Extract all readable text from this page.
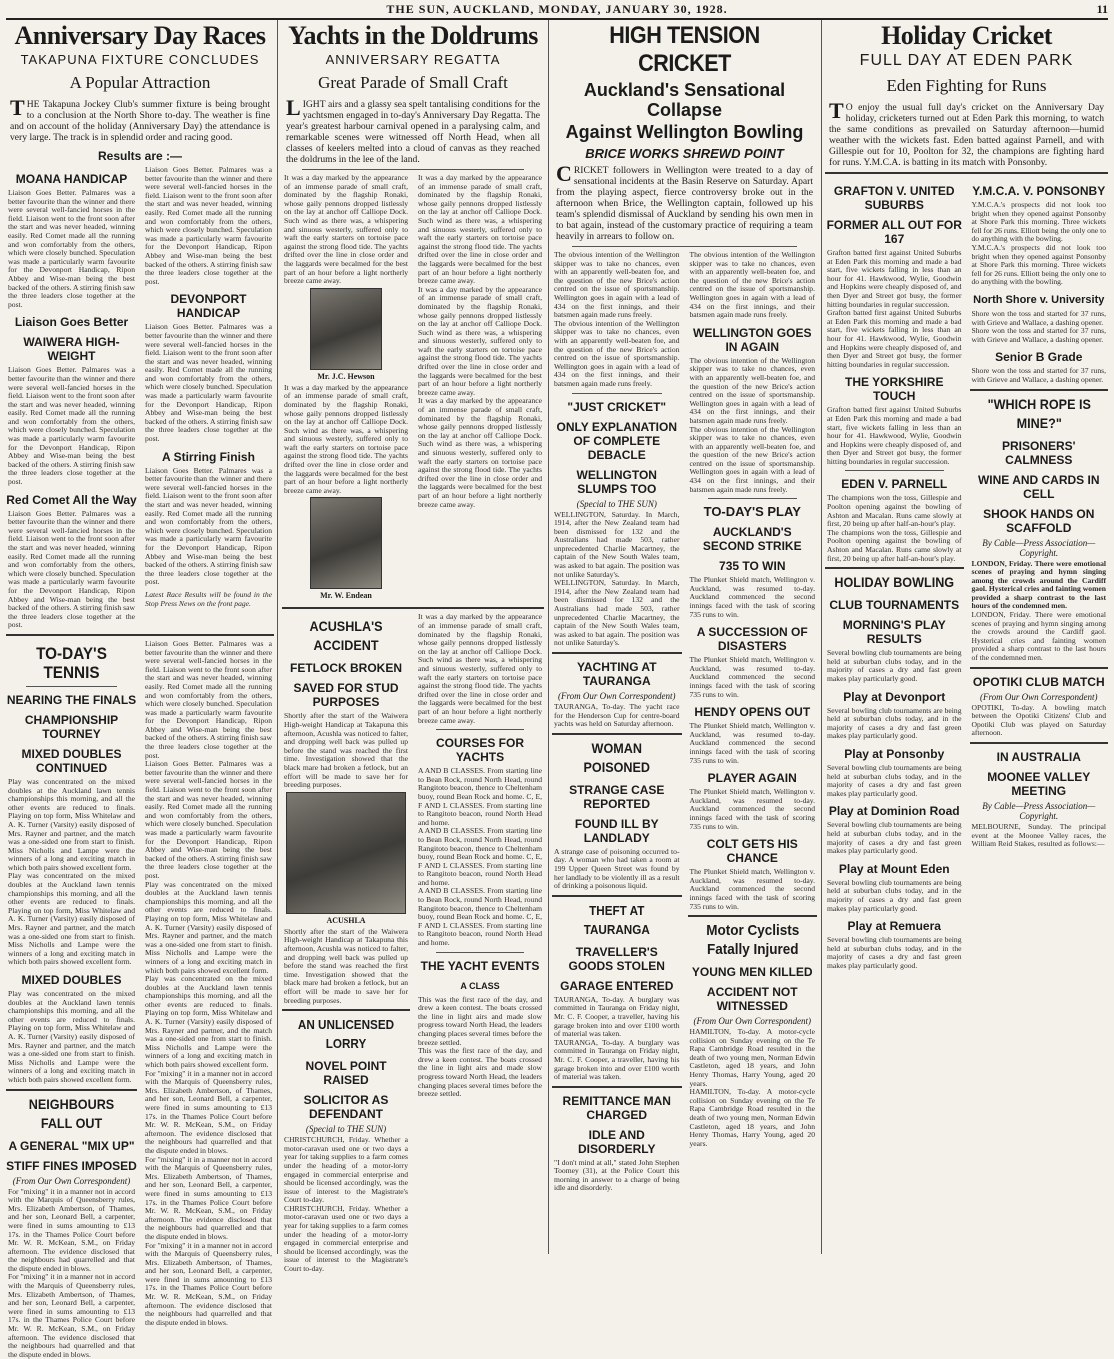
THE SUN, AUCKLAND, MONDAY, JANUARY 30, 1928.	11
Anniversary Day Races
TAKAPUNA FIXTURE CONCLUDES
A Popular Attraction
THE Takapuna Jockey Club's summer fixture is being brought to a conclusion at the North Shore to-day. The weather is fine and on account of the holiday (Anniversary Day) the attendance is very large. The track is in splendid order and racing good.
Results are :—
MOANA HANDICAP
Liaison Goes Better. Palmares was a better favourite than the winner and there were several well-fancied horses in the field. Liaison went to the front soon after the start and was never headed, winning easily. Red Comet made all the running and won comfortably from the others, which were closely bunched. Speculation was made a particularly warm favourite for the Devonport Handicap, Ripon Abbey and Wise-man being the best backed of the others. A stirring finish saw the three leaders close together at the post.
Liaison Goes Better
WAIWERA HIGH-WEIGHT
Liaison Goes Better. Palmares was a better favourite than the winner and there were several well-fancied horses in the field. Liaison went to the front soon after the start and was never headed, winning easily. Red Comet made all the running and won comfortably from the others, which were closely bunched. Speculation was made a particularly warm favourite for the Devonport Handicap, Ripon Abbey and Wise-man being the best backed of the others. A stirring finish saw the three leaders close together at the post.
Red Comet All the Way
Liaison Goes Better. Palmares was a better favourite than the winner and there were several well-fancied horses in the field. Liaison went to the front soon after the start and was never headed, winning easily. Red Comet made all the running and won comfortably from the others, which were closely bunched. Speculation was made a particularly warm favourite for the Devonport Handicap, Ripon Abbey and Wise-man being the best backed of the others. A stirring finish saw the three leaders close together at the post.
Liaison Goes Better. Palmares was a better favourite than the winner and there were several well-fancied horses in the field. Liaison went to the front soon after the start and was never headed, winning easily. Red Comet made all the running and won comfortably from the others, which were closely bunched. Speculation was made a particularly warm favourite for the Devonport Handicap, Ripon Abbey and Wise-man being the best backed of the others. A stirring finish saw the three leaders close together at the post.
DEVONPORT HANDICAP
Liaison Goes Better. Palmares was a better favourite than the winner and there were several well-fancied horses in the field. Liaison went to the front soon after the start and was never headed, winning easily. Red Comet made all the running and won comfortably from the others, which were closely bunched. Speculation was made a particularly warm favourite for the Devonport Handicap, Ripon Abbey and Wise-man being the best backed of the others. A stirring finish saw the three leaders close together at the post.
A Stirring Finish
Liaison Goes Better. Palmares was a better favourite than the winner and there were several well-fancied horses in the field. Liaison went to the front soon after the start and was never headed, winning easily. Red Comet made all the running and won comfortably from the others, which were closely bunched. Speculation was made a particularly warm favourite for the Devonport Handicap, Ripon Abbey and Wise-man being the best backed of the others. A stirring finish saw the three leaders close together at the post.
Latest Race Results will be found in the Stop Press News on the front page.
TO-DAY'S TENNIS
NEARING THE FINALS
CHAMPIONSHIP TOURNEY
MIXED DOUBLES CONTINUED
Play was concentrated on the mixed doubles at the Auckland lawn tennis championships this morning, and all the other events are reduced to finals. Playing on top form, Miss Whitelaw and A. K. Turner (Varsity) easily disposed of Mrs. Rayner and partner, and the match was a one-sided one from start to finish. Miss Nicholls and Lampe were the winners of a long and exciting match in which both pairs showed excellent form.
Play was concentrated on the mixed doubles at the Auckland lawn tennis championships this morning, and all the other events are reduced to finals. Playing on top form, Miss Whitelaw and A. K. Turner (Varsity) easily disposed of Mrs. Rayner and partner, and the match was a one-sided one from start to finish. Miss Nicholls and Lampe were the winners of a long and exciting match in which both pairs showed excellent form.
MIXED DOUBLES
Play was concentrated on the mixed doubles at the Auckland lawn tennis championships this morning, and all the other events are reduced to finals. Playing on top form, Miss Whitelaw and A. K. Turner (Varsity) easily disposed of Mrs. Rayner and partner, and the match was a one-sided one from start to finish. Miss Nicholls and Lampe were the winners of a long and exciting match in which both pairs showed excellent form.
NEIGHBOURS FALL OUT
A GENERAL "MIX UP"
STIFF FINES IMPOSED
(From Our Own Correspondent)
For "mixing" it in a manner not in accord with the Marquis of Queensberry rules, Mrs. Elizabeth Ambertson, of Thames, and her son, Leonard Bell, a carpenter, were fined in sums amounting to £13 17s. in the Thames Police Court before Mr. W. R. McKean, S.M., on Friday afternoon. The evidence disclosed that the neighbours had quarrelled and that the dispute ended in blows.
For "mixing" it in a manner not in accord with the Marquis of Queensberry rules, Mrs. Elizabeth Ambertson, of Thames, and her son, Leonard Bell, a carpenter, were fined in sums amounting to £13 17s. in the Thames Police Court before Mr. W. R. McKean, S.M., on Friday afternoon. The evidence disclosed that the neighbours had quarrelled and that the dispute ended in blows.
Liaison Goes Better. Palmares was a better favourite than the winner and there were several well-fancied horses in the field. Liaison went to the front soon after the start and was never headed, winning easily. Red Comet made all the running and won comfortably from the others, which were closely bunched. Speculation was made a particularly warm favourite for the Devonport Handicap, Ripon Abbey and Wise-man being the best backed of the others. A stirring finish saw the three leaders close together at the post.
Liaison Goes Better. Palmares was a better favourite than the winner and there were several well-fancied horses in the field. Liaison went to the front soon after the start and was never headed, winning easily. Red Comet made all the running and won comfortably from the others, which were closely bunched. Speculation was made a particularly warm favourite for the Devonport Handicap, Ripon Abbey and Wise-man being the best backed of the others. A stirring finish saw the three leaders close together at the post.
Play was concentrated on the mixed doubles at the Auckland lawn tennis championships this morning, and all the other events are reduced to finals. Playing on top form, Miss Whitelaw and A. K. Turner (Varsity) easily disposed of Mrs. Rayner and partner, and the match was a one-sided one from start to finish. Miss Nicholls and Lampe were the winners of a long and exciting match in which both pairs showed excellent form.
Play was concentrated on the mixed doubles at the Auckland lawn tennis championships this morning, and all the other events are reduced to finals. Playing on top form, Miss Whitelaw and A. K. Turner (Varsity) easily disposed of Mrs. Rayner and partner, and the match was a one-sided one from start to finish. Miss Nicholls and Lampe were the winners of a long and exciting match in which both pairs showed excellent form.
For "mixing" it in a manner not in accord with the Marquis of Queensberry rules, Mrs. Elizabeth Ambertson, of Thames, and her son, Leonard Bell, a carpenter, were fined in sums amounting to £13 17s. in the Thames Police Court before Mr. W. R. McKean, S.M., on Friday afternoon. The evidence disclosed that the neighbours had quarrelled and that the dispute ended in blows.
For "mixing" it in a manner not in accord with the Marquis of Queensberry rules, Mrs. Elizabeth Ambertson, of Thames, and her son, Leonard Bell, a carpenter, were fined in sums amounting to £13 17s. in the Thames Police Court before Mr. W. R. McKean, S.M., on Friday afternoon. The evidence disclosed that the neighbours had quarrelled and that the dispute ended in blows.
For "mixing" it in a manner not in accord with the Marquis of Queensberry rules, Mrs. Elizabeth Ambertson, of Thames, and her son, Leonard Bell, a carpenter, were fined in sums amounting to £13 17s. in the Thames Police Court before Mr. W. R. McKean, S.M., on Friday afternoon. The evidence disclosed that the neighbours had quarrelled and that the dispute ended in blows.
Yachts in the Doldrums
ANNIVERSARY REGATTA
Great Parade of Small Craft
LIGHT airs and a glassy sea spelt tantalising conditions for the yachtsmen engaged in to-day's Anniversary Day Regatta. The year's greatest harbour carnival opened in a paralysing calm, and remarkable scenes were witnessed off North Head, when all classes of keelers melted into a cloud of canvas as they reached the doldrums in the lee of the land.
It was a day marked by the appearance of an immense parade of small craft, dominated by the flagship Ronaki, whose gaily pennons dropped listlessly on the lay at anchor off Calliope Dock. Such wind as there was, a whispering and sinuous westerly, suffered only to waft the early starters on tortoise pace against the strong flood tide. The yachts drifted over the line in close order and the laggards were becalmed for the best part of an hour before a light northerly breeze came away.
Mr. J.C. Hewson
It was a day marked by the appearance of an immense parade of small craft, dominated by the flagship Ronaki, whose gaily pennons dropped listlessly on the lay at anchor off Calliope Dock. Such wind as there was, a whispering and sinuous westerly, suffered only to waft the early starters on tortoise pace against the strong flood tide. The yachts drifted over the line in close order and the laggards were becalmed for the best part of an hour before a light northerly breeze came away.
Mr. W. Endean
It was a day marked by the appearance of an immense parade of small craft, dominated by the flagship Ronaki, whose gaily pennons dropped listlessly on the lay at anchor off Calliope Dock. Such wind as there was, a whispering and sinuous westerly, suffered only to waft the early starters on tortoise pace against the strong flood tide. The yachts drifted over the line in close order and the laggards were becalmed for the best part of an hour before a light northerly breeze came away.
It was a day marked by the appearance of an immense parade of small craft, dominated by the flagship Ronaki, whose gaily pennons dropped listlessly on the lay at anchor off Calliope Dock. Such wind as there was, a whispering and sinuous westerly, suffered only to waft the early starters on tortoise pace against the strong flood tide. The yachts drifted over the line in close order and the laggards were becalmed for the best part of an hour before a light northerly breeze came away.
It was a day marked by the appearance of an immense parade of small craft, dominated by the flagship Ronaki, whose gaily pennons dropped listlessly on the lay at anchor off Calliope Dock. Such wind as there was, a whispering and sinuous westerly, suffered only to waft the early starters on tortoise pace against the strong flood tide. The yachts drifted over the line in close order and the laggards were becalmed for the best part of an hour before a light northerly breeze came away.
ACUSHLA'S ACCIDENT
FETLOCK BROKEN
SAVED FOR STUD PURPOSES
Shortly after the start of the Waiwera High-weight Handicap at Takapuna this afternoon, Acushla was noticed to falter, and dropping well back was pulled up before the stand was reached the first time. Investigation showed that the black mare had broken a fetlock, but an effort will be made to save her for breeding purposes.
ACUSHLA
Shortly after the start of the Waiwera High-weight Handicap at Takapuna this afternoon, Acushla was noticed to falter, and dropping well back was pulled up before the stand was reached the first time. Investigation showed that the black mare had broken a fetlock, but an effort will be made to save her for breeding purposes.
AN UNLICENSED LORRY
NOVEL POINT RAISED
SOLICITOR AS DEFENDANT
(Special to THE SUN)
CHRISTCHURCH, Friday. Whether a motor-caravan used one or two days a year for taking supplies to a farm comes under the heading of a motor-lorry engaged in commercial enterprise and should be licensed accordingly, was the issue of interest to the Magistrate's Court to-day.
CHRISTCHURCH, Friday. Whether a motor-caravan used one or two days a year for taking supplies to a farm comes under the heading of a motor-lorry engaged in commercial enterprise and should be licensed accordingly, was the issue of interest to the Magistrate's Court to-day.
It was a day marked by the appearance of an immense parade of small craft, dominated by the flagship Ronaki, whose gaily pennons dropped listlessly on the lay at anchor off Calliope Dock. Such wind as there was, a whispering and sinuous westerly, suffered only to waft the early starters on tortoise pace against the strong flood tide. The yachts drifted over the line in close order and the laggards were becalmed for the best part of an hour before a light northerly breeze came away.
COURSES FOR YACHTS
A AND B CLASSES. From starting line to Bean Rock, round North Head, round Rangitoto beacon, thence to Cheltenham buoy, round Bean Rock and home. C, E, F AND L CLASSES. From starting line to Rangitoto beacon, round North Head and home.
A AND B CLASSES. From starting line to Bean Rock, round North Head, round Rangitoto beacon, thence to Cheltenham buoy, round Bean Rock and home. C, E, F AND L CLASSES. From starting line to Rangitoto beacon, round North Head and home.
A AND B CLASSES. From starting line to Bean Rock, round North Head, round Rangitoto beacon, thence to Cheltenham buoy, round Bean Rock and home. C, E, F AND L CLASSES. From starting line to Rangitoto beacon, round North Head and home.
THE YACHT EVENTS
A CLASS
This was the first race of the day, and drew a keen contest. The boats crossed the line in light airs and made slow progress toward North Head, the leaders changing places several times before the breeze settled.
This was the first race of the day, and drew a keen contest. The boats crossed the line in light airs and made slow progress toward North Head, the leaders changing places several times before the breeze settled.
HIGH TENSION CRICKET
Auckland's Sensational Collapse
Against Wellington Bowling
BRICE WORKS SHREWD POINT
CRICKET followers in Wellington were treated to a day of sensational incidents at the Basin Reserve on Saturday. Apart from the playing aspect, fierce controversy broke out in the afternoon when Brice, the Wellington captain, followed up his team's splendid dismissal of Auckland by sending his own men in to bat again, instead of the customary practice of requiring a team heavily in arrears to follow on.
The obvious intention of the Wellington skipper was to take no chances, even with an apparently well-beaten foe, and the question of the new Brice's action centred on the issue of sportsmanship. Wellington goes in again with a lead of 434 on the first innings, and their batsmen again made runs freely.
The obvious intention of the Wellington skipper was to take no chances, even with an apparently well-beaten foe, and the question of the new Brice's action centred on the issue of sportsmanship. Wellington goes in again with a lead of 434 on the first innings, and their batsmen again made runs freely.
"JUST CRICKET"
ONLY EXPLANATION OF COMPLETE DEBACLE
WELLINGTON SLUMPS TOO
(Special to THE SUN)
WELLINGTON, Saturday. In March, 1914, after the New Zealand team had been dismissed for 132 and the Australians had made 503, rather unprecedented Charlie Macartney, the captain of the New South Wales team, was asked to bat again. The position was not unlike Saturday's.
WELLINGTON, Saturday. In March, 1914, after the New Zealand team had been dismissed for 132 and the Australians had made 503, rather unprecedented Charlie Macartney, the captain of the New South Wales team, was asked to bat again. The position was not unlike Saturday's.
YACHTING AT TAURANGA
(From Our Own Correspondent)
TAURANGA, To-day. The yacht race for the Henderson Cup for centre-board yachts was held on Saturday afternoon.
WOMAN POISONED
STRANGE CASE REPORTED
FOUND ILL BY LANDLADY
A strange case of poisoning occurred to-day. A woman who had taken a room at 199 Upper Queen Street was found by her landlady to be violently ill as a result of drinking a poisonous liquid.
THEFT AT TAURANGA
TRAVELLER'S GOODS STOLEN
GARAGE ENTERED
TAURANGA, To-day. A burglary was committed in Tauranga on Friday night, Mr. C. F. Cooper, a traveller, having his garage broken into and over £100 worth of material was taken.
TAURANGA, To-day. A burglary was committed in Tauranga on Friday night, Mr. C. F. Cooper, a traveller, having his garage broken into and over £100 worth of material was taken.
REMITTANCE MAN CHARGED
IDLE AND DISORDERLY
"I don't mind at all," stated John Stephen Toomey (31), at the Police Court this morning in answer to a charge of being idle and disorderly.
The obvious intention of the Wellington skipper was to take no chances, even with an apparently well-beaten foe, and the question of the new Brice's action centred on the issue of sportsmanship. Wellington goes in again with a lead of 434 on the first innings, and their batsmen again made runs freely.
WELLINGTON GOES IN AGAIN
The obvious intention of the Wellington skipper was to take no chances, even with an apparently well-beaten foe, and the question of the new Brice's action centred on the issue of sportsmanship. Wellington goes in again with a lead of 434 on the first innings, and their batsmen again made runs freely.
The obvious intention of the Wellington skipper was to take no chances, even with an apparently well-beaten foe, and the question of the new Brice's action centred on the issue of sportsmanship. Wellington goes in again with a lead of 434 on the first innings, and their batsmen again made runs freely.
TO-DAY'S PLAY
AUCKLAND'S SECOND STRIKE
735 TO WIN
The Plunket Shield match, Wellington v. Auckland, was resumed to-day. Auckland commenced the second innings faced with the task of scoring 735 runs to win.
A SUCCESSION OF DISASTERS
The Plunket Shield match, Wellington v. Auckland, was resumed to-day. Auckland commenced the second innings faced with the task of scoring 735 runs to win.
HENDY OPENS OUT
The Plunket Shield match, Wellington v. Auckland, was resumed to-day. Auckland commenced the second innings faced with the task of scoring 735 runs to win.
PLAYER AGAIN
The Plunket Shield match, Wellington v. Auckland, was resumed to-day. Auckland commenced the second innings faced with the task of scoring 735 runs to win.
COLT GETS HIS CHANCE
The Plunket Shield match, Wellington v. Auckland, was resumed to-day. Auckland commenced the second innings faced with the task of scoring 735 runs to win.
Motor Cyclists Fatally Injured
YOUNG MEN KILLED
ACCIDENT NOT WITNESSED
(From Our Own Correspondent)
HAMILTON, To-day. A motor-cycle collision on Sunday evening on the Te Rapa Cambridge Road resulted in the death of two young men, Norman Edwin Castleton, aged 18 years, and John Henry Thomas, Harry Young, aged 20 years.
HAMILTON, To-day. A motor-cycle collision on Sunday evening on the Te Rapa Cambridge Road resulted in the death of two young men, Norman Edwin Castleton, aged 18 years, and John Henry Thomas, Harry Young, aged 20 years.
Holiday Cricket
FULL DAY AT EDEN PARK
Eden Fighting for Runs
TO enjoy the usual full day's cricket on the Anniversary Day holiday, cricketers turned out at Eden Park this morning, to watch the same conditions as prevailed on Saturday afternoon—humid weather with the wickets fast. Eden batted against Parnell, and with Gillespie out for 10, Poolton for 32, the champions are fighting hard for runs. Y.M.C.A. is batting in its match with Ponsonby.
GRAFTON V. UNITED SUBURBS
FORMER ALL OUT FOR 167
Grafton batted first against United Suburbs at Eden Park this morning and made a bad start, five wickets falling in less than an hour for 41. Hawkwood, Wylie, Goodwin and Hopkins were cheaply disposed of, and then Dyer and Street got busy, the former hitting boundaries in regular succession.
Grafton batted first against United Suburbs at Eden Park this morning and made a bad start, five wickets falling in less than an hour for 41. Hawkwood, Wylie, Goodwin and Hopkins were cheaply disposed of, and then Dyer and Street got busy, the former hitting boundaries in regular succession.
THE YORKSHIRE TOUCH
Grafton batted first against United Suburbs at Eden Park this morning and made a bad start, five wickets falling in less than an hour for 41. Hawkwood, Wylie, Goodwin and Hopkins were cheaply disposed of, and then Dyer and Street got busy, the former hitting boundaries in regular succession.
EDEN V. PARNELL
The champions won the toss, Gillespie and Poolton opening against the bowling of Ashton and Macalan. Runs came slowly at first, 20 being up after half-an-hour's play.
The champions won the toss, Gillespie and Poolton opening against the bowling of Ashton and Macalan. Runs came slowly at first, 20 being up after half-an-hour's play.
HOLIDAY BOWLING
CLUB TOURNAMENTS
MORNING'S PLAY RESULTS
Several bowling club tournaments are being held at suburban clubs today, and in the majority of cases a dry and fast green makes play particularly good.
Play at Devonport
Several bowling club tournaments are being held at suburban clubs today, and in the majority of cases a dry and fast green makes play particularly good.
Play at Ponsonby
Several bowling club tournaments are being held at suburban clubs today, and in the majority of cases a dry and fast green makes play particularly good.
Play at Dominion Road
Several bowling club tournaments are being held at suburban clubs today, and in the majority of cases a dry and fast green makes play particularly good.
Play at Mount Eden
Several bowling club tournaments are being held at suburban clubs today, and in the majority of cases a dry and fast green makes play particularly good.
Play at Remuera
Several bowling club tournaments are being held at suburban clubs today, and in the majority of cases a dry and fast green makes play particularly good.
Y.M.C.A. V. PONSONBY
Y.M.C.A.'s prospects did not look too bright when they opened against Ponsonby at Shore Park this morning. Three wickets fell for 26 runs. Elliott being the only one to do anything with the bowling.
Y.M.C.A.'s prospects did not look too bright when they opened against Ponsonby at Shore Park this morning. Three wickets fell for 26 runs. Elliott being the only one to do anything with the bowling.
North Shore v. University
Shore won the toss and started for 37 runs, with Grieve and Wallace, a dashing opener.
Shore won the toss and started for 37 runs, with Grieve and Wallace, a dashing opener.
Senior B Grade
Shore won the toss and started for 37 runs, with Grieve and Wallace, a dashing opener.
"WHICH ROPE IS MINE?"
PRISONERS' CALMNESS
WINE AND CARDS IN CELL
SHOOK HANDS ON SCAFFOLD
By Cable—Press Association—Copyright.
LONDON, Friday. There were emotional scenes of praying and hymn singing among the crowds around the Cardiff gaol. Hysterical cries and fainting women provided a sharp contrast to the last hours of the condemned men.
LONDON, Friday. There were emotional scenes of praying and hymn singing among the crowds around the Cardiff gaol. Hysterical cries and fainting women provided a sharp contrast to the last hours of the condemned men.
OPOTIKI CLUB MATCH
(From Our Own Correspondent)
OPOTIKI, To-day. A bowling match between the Opotiki Citizens' Club and Opotiki Club was played on Saturday afternoon.
IN AUSTRALIA
MOONEE VALLEY MEETING
By Cable—Press Association—Copyright.
MELBOURNE, Sunday. The principal event at the Moonee Valley races, the William Reid Stakes, resulted as follows:—
